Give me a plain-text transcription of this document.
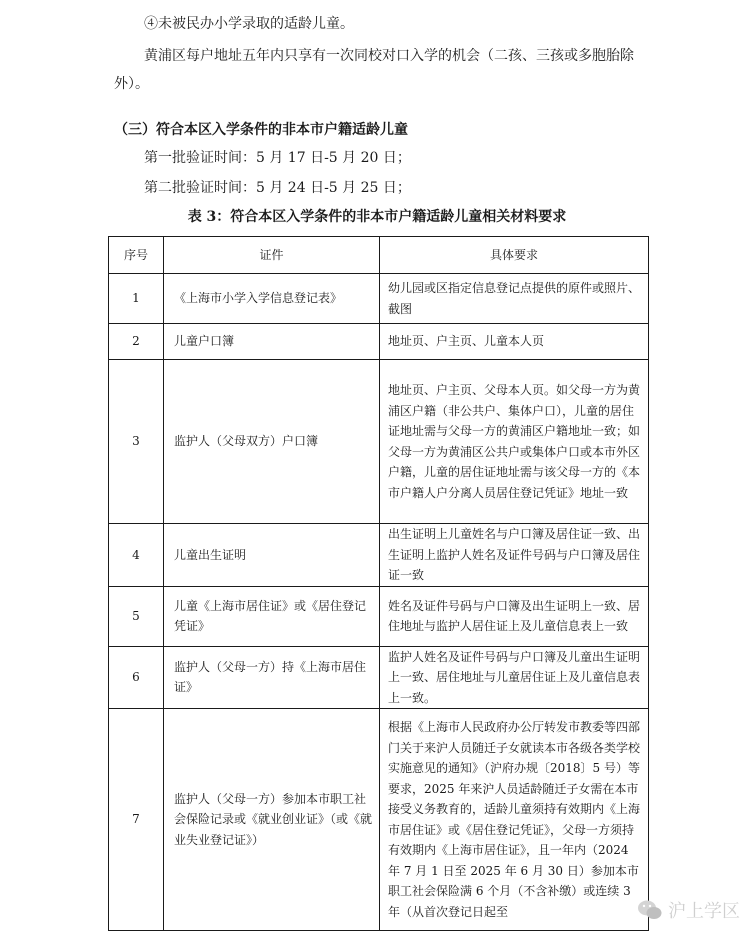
④未被民办小学录取的适龄儿童。
黄浦区每户地址五年内只享有一次同校对口入学的机会（二孩、三孩或多胞胎除外）。
（三）符合本区入学条件的非本市户籍适龄儿童
第一批验证时间：5 月 17 日-5 月 20 日；
第二批验证时间：5 月 24 日-5 月 25 日；
表 3：符合本区入学条件的非本市户籍适龄儿童相关材料要求
序号	证件	具体要求
1	《上海市小学入学信息登记表》	幼儿园或区指定信息登记点提供的原件或照片、截图
2	儿童户口簿	地址页、户主页、儿童本人页
3	监护人（父母双方）户口簿	地址页、户主页、父母本人页。如父母一方为黄浦区户籍（非公共户、集体户口），儿童的居住证地址需与父母一方的黄浦区户籍地址一致；如父母一方为黄浦区公共户或集体户口或本市外区户籍，儿童的居住证地址需与该父母一方的《本市户籍人户分离人员居住登记凭证》地址一致
4	儿童出生证明	出生证明上儿童姓名与户口簿及居住证一致、出生证明上监护人姓名及证件号码与户口簿及居住证一致
5	儿童《上海市居住证》或《居住登记凭证》	姓名及证件号码与户口簿及出生证明上一致、居住地址与监护人居住证上及儿童信息表上一致
6	监护人（父母一方）持《上海市居住证》	监护人姓名及证件号码与户口簿及儿童出生证明上一致、居住地址与儿童居住证上及儿童信息表上一致。
7	监护人（父母一方）参加本市职工社会保险记录或《就业创业证》（或《就业失业登记证》）	根据《上海市人民政府办公厅转发市教委等四部门关于来沪人员随迁子女就读本市各级各类学校实施意见的通知》（沪府办规〔2018〕5 号）等要求，2025 年来沪人员适龄随迁子女需在本市接受义务教育的，适龄儿童须持有效期内《上海市居住证》或《居住登记凭证》，父母一方须持有效期内《上海市居住证》，且一年内（2024 年 7 月 1 日至 2025 年 6 月 30 日）参加本市职工社会保险满 6 个月（不含补缴）或连续 3 年（从首次登记日起至	沪上学区
